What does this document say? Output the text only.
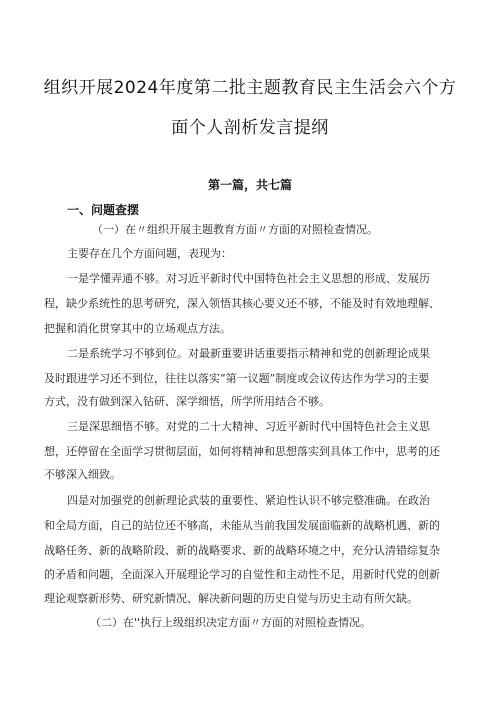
组织开展2024年度第二批主题教育民主生活会六个方
面个人剖析发言提纲
第一篇，共七篇
一、问题查摆
（一）在〃组织开展主题教育方面〃方面的对照检查情况。
主要存在几个方面问题，表现为：
一是学懂弄通不够。对习近平新时代中国特色社会主义思想的形成、发展历
程，缺少系统性的思考研究，深入领悟其核心要义还不够，不能及时有效地理解、
把握和消化贯穿其中的立场观点方法。
二是系统学习不够到位。对最新重要讲话重要指示精神和党的创新理论成果
及时跟进学习还不到位，往往以落实“第一议题”制度或会议传达作为学习的主要
方式，没有做到深入钻研、深学细悟，所学所用结合不够。
三是深思细悟不够。对党的二十大精神、习近平新时代中国特色社会主义思
想，还停留在全面学习贯彻层面，如何将精神和思想落实到具体工作中，思考的还
不够深入细致。
四是对加强党的创新理论武装的重要性、紧迫性认识不够完整准确。在政治
和全局方面，自己的站位还不够高，未能从当前我国发展面临新的战略机遇、新的
战略任务、新的战略阶段、新的战略要求、新的战略环境之中，充分认清错综复杂
的矛盾和问题，全面深入开展理论学习的自觉性和主动性不足，用新时代党的创新
理论观察新形势、研究新情况、解决新问题的历史自觉与历史主动有所欠缺。
（二）在''执行上级组织决定方面〃方面的对照检查情况。
